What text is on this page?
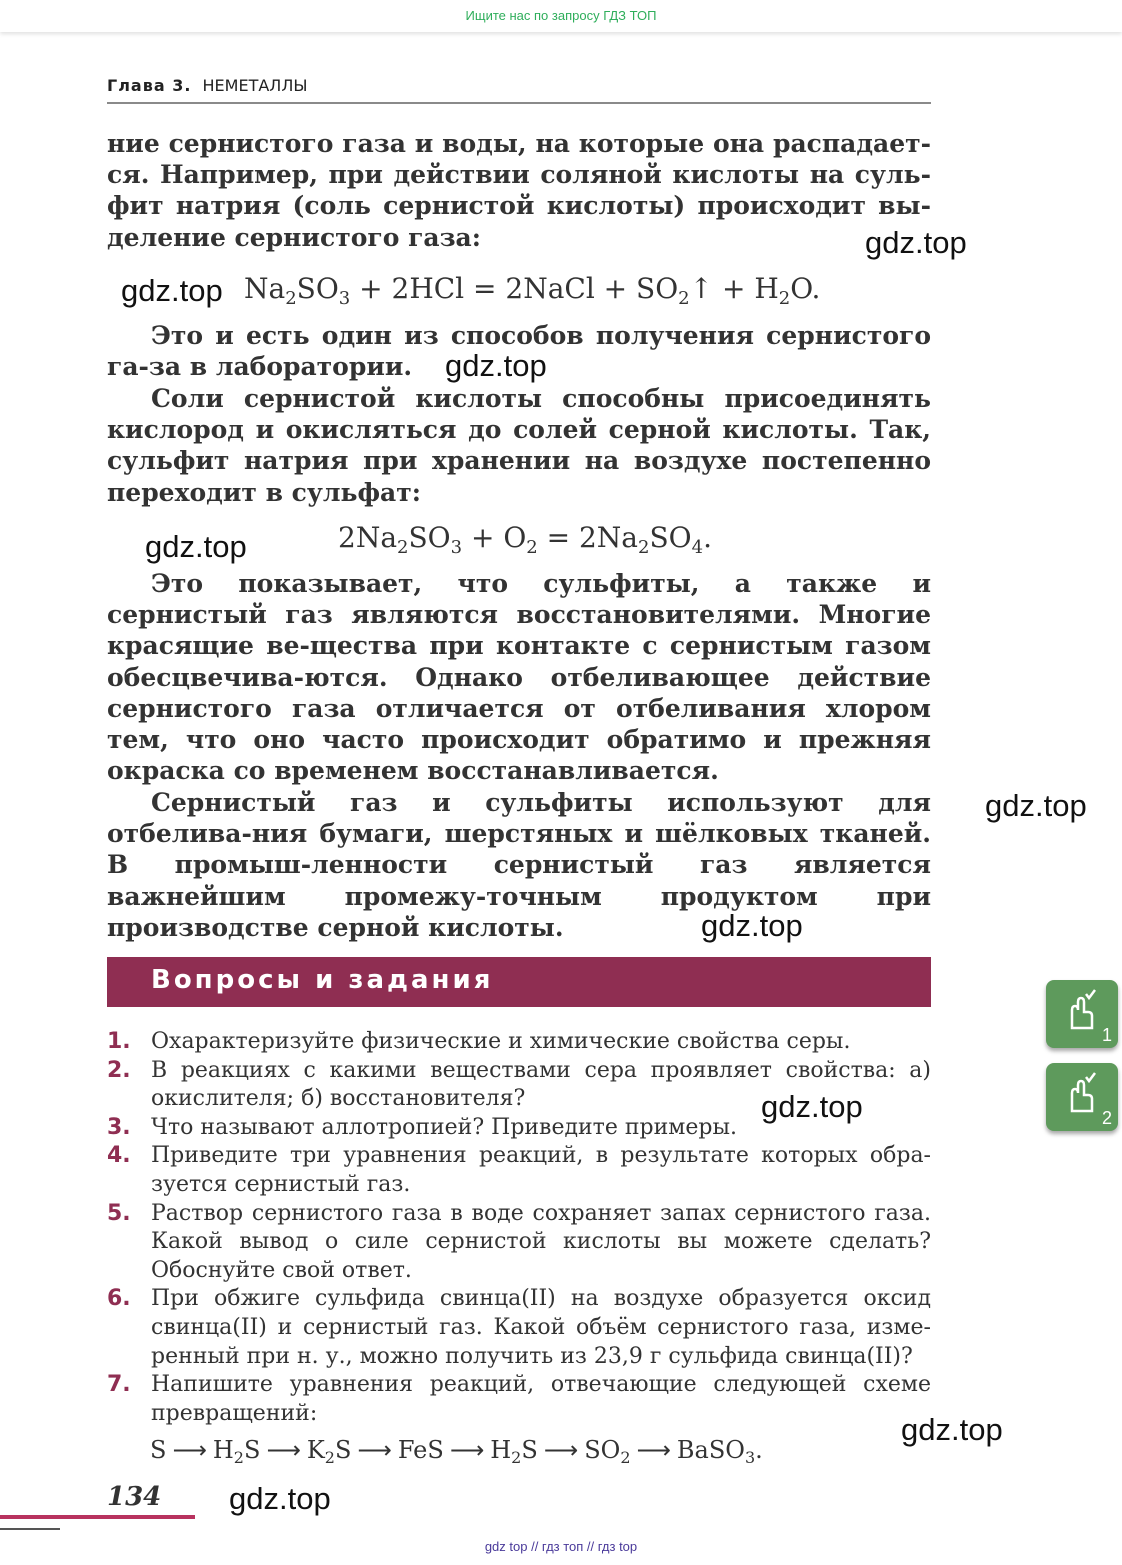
Ищите нас по запросу ГДЗ ТОП
Глава 3. НЕМЕТАЛЛЫ

ние сернистого газа и воды, на которые она распадает-ся. Например, при действии соляной кислоты на суль-фит натрия (соль сернистой кислоты) происходит вы-деление сернистого газа:

$Na_2SO_3 + 2HCl$ = 2NaCl + $SO_2↑ + H_2O$.

Это и есть один из способов получения сернистого га-за в лаборатории.

Соли сернистой кислоты способны присоединять кислород и окисляться до солей серной кислоты. Так, сульфит натрия при хранении на воздухе постепенно переходит в сульфат:

$2Na_2SO_3 + O_2 = 2Na_2SO_4$.

Это показывает, что сульфиты, а также и сернистый газ являются восстановителями. Многие красящие ве-щества при контакте с сернистым газом обесцвечива-ются. Однако отбеливающее действие сернистого газа отличается от отбеливания хлором тем, что оно часто происходит обратимо и прежняя окраска со временем восстанавливается.

Сернистый газ и сульфиты используют для отбелива-ния бумаги, шерстяных и шёлковых тканей. В промыш-ленности сернистый газ является важнейшим промежу-точным продуктом при производстве серной кислоты.

Вопросы и задания
1. Охарактеризуйте физические и химические свойства серы.
2. В реакциях с какими веществами сера проявляет свойства: а) окислителя; б) восстановителя?
3. Что называют аллотропией? Приведите примеры.
4. Приведите три уравнения реакций, в результате которых обра-зуется сернистый газ.
5. Раствор сернистого газа в воде сохраняет запах сернистого газа. Какой вывод о силе сернистой кислоты вы можете сделать? Обоснуйте свой ответ.
6. При обжиге сульфида свинца(II) на воздухе образуется оксид свинца(II) и сернистый газ. Какой объём сернистого газа, изме-ренный при н. у., можно получить из 23,9 г сульфида свинца(II)?
7. Напишите уравнения реакций, отвечающие следующей схеме превращений:
S ⟶ $H_2S$ ⟶ $K_2S$ ⟶ FeS ⟶ $H_2S$ ⟶ $SO_2$ ⟶ BaSO$_3$.
134
gdz.top
gdz.top
gdz.top
gdz.top
gdz.top
gdz.top
gdz.top
gdz.top
gdz.top
1
2
gdz top // гдз топ // гдз top
